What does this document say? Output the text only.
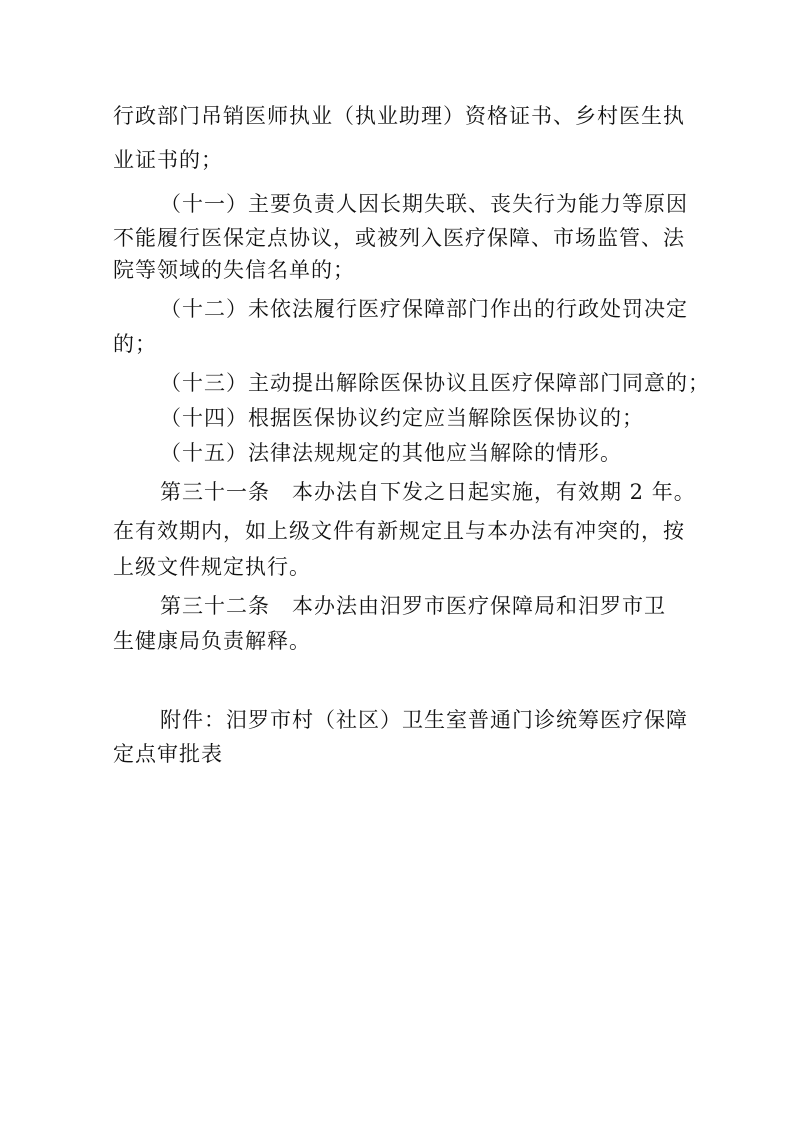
行政部门吊销医师执业（执业助理）资格证书、乡村医生执
业证书的；
（十一）主要负责人因长期失联、丧失行为能力等原因
不能履行医保定点协议，或被列入医疗保障、市场监管、法
院等领域的失信名单的；
（十二）未依法履行医疗保障部门作出的行政处罚决定
的；
（十三）主动提出解除医保协议且医疗保障部门同意的；
（十四）根据医保协议约定应当解除医保协议的；
（十五）法律法规规定的其他应当解除的情形。
第三十一条　本办法自下发之日起实施，有效期 2 年。
在有效期内，如上级文件有新规定且与本办法有冲突的，按
上级文件规定执行。
第三十二条　本办法由汨罗市医疗保障局和汨罗市卫
生健康局负责解释。
附件：汨罗市村（社区）卫生室普通门诊统筹医疗保障
定点审批表
